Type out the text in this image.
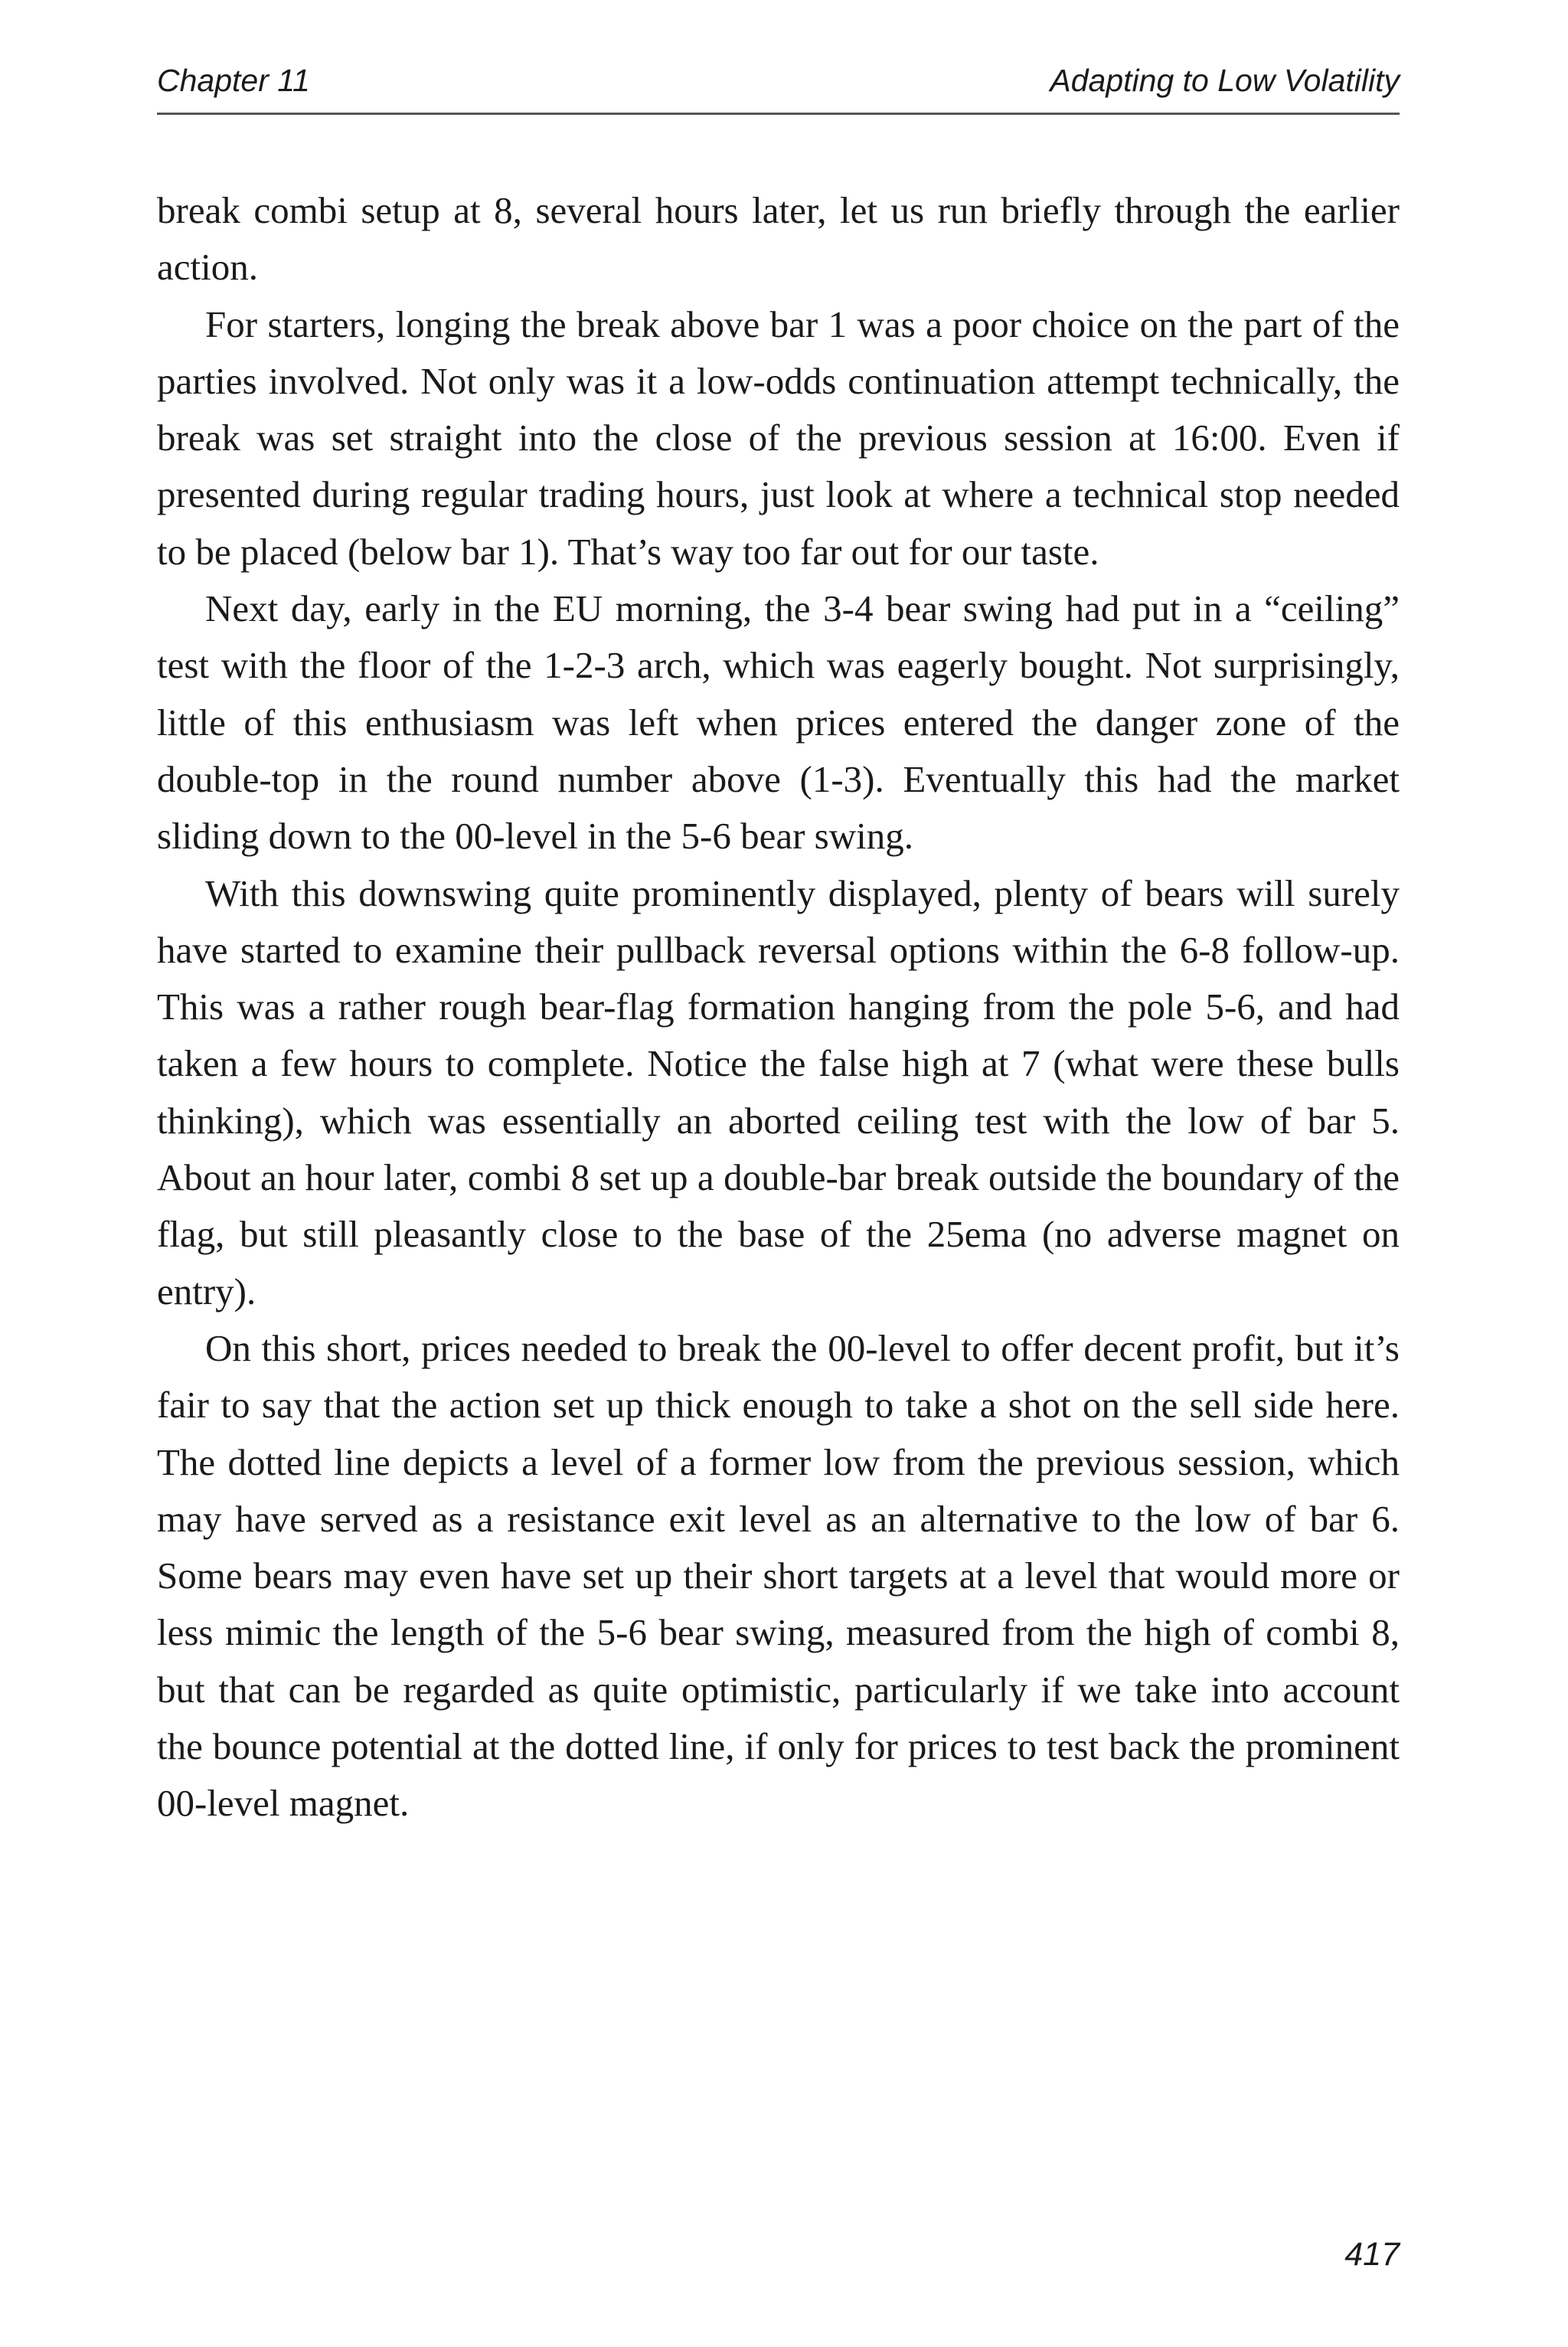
Chapter 11	Adapting to Low Volatility

break combi setup at 8, several hours later, let us run briefly through the earlier action.

For starters, longing the break above bar 1 was a poor choice on the part of the parties involved. Not only was it a low-odds continuation attempt technically, the break was set straight into the close of the previous session at 16:00. Even if presented during regular trading hours, just look at where a technical stop needed to be placed (below bar 1). That’s way too far out for our taste.

Next day, early in the EU morning, the 3-4 bear swing had put in a “ceiling” test with the floor of the 1-2-3 arch, which was eagerly bought. Not surprisingly, little of this enthusiasm was left when prices entered the danger zone of the double-top in the round number above (1-3). Eventually this had the market sliding down to the 00-level in the 5-6 bear swing.

With this downswing quite prominently displayed, plenty of bears will surely have started to examine their pullback reversal options within the 6-8 follow-up. This was a rather rough bear-flag formation hanging from the pole 5-6, and had taken a few hours to complete. Notice the false high at 7 (what were these bulls thinking), which was essentially an aborted ceiling test with the low of bar 5. About an hour later, combi 8 set up a double-bar break outside the boundary of the flag, but still pleasantly close to the base of the 25ema (no adverse magnet on entry).

On this short, prices needed to break the 00-level to offer decent profit, but it’s fair to say that the action set up thick enough to take a shot on the sell side here. The dotted line depicts a level of a former low from the previous session, which may have served as a resistance exit level as an alternative to the low of bar 6. Some bears may even have set up their short targets at a level that would more or less mimic the length of the 5-6 bear swing, measured from the high of combi 8, but that can be regarded as quite optimistic, particularly if we take into account the bounce potential at the dotted line, if only for prices to test back the prominent 00-level magnet.

417
